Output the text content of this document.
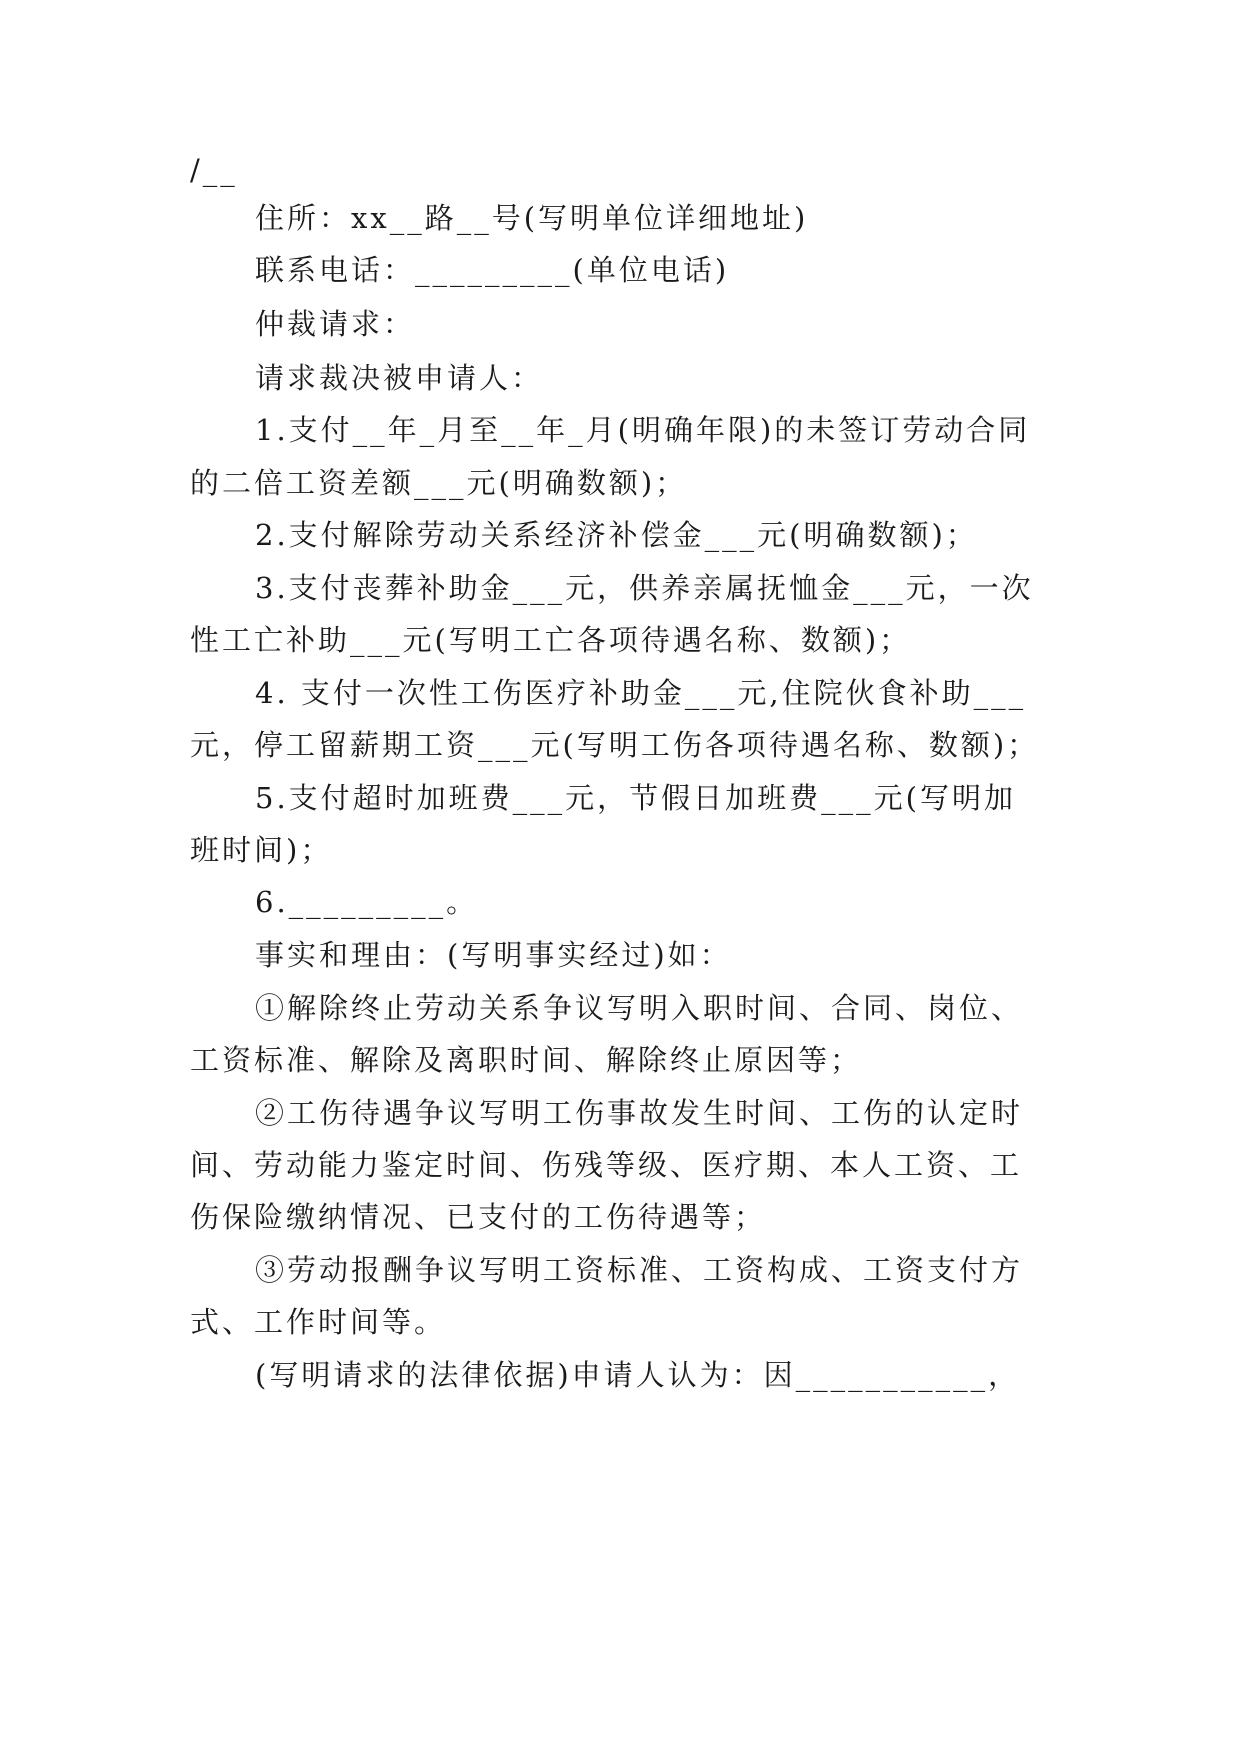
/__
住所：xx__路__号(写明单位详细地址)
联系电话：_________(单位电话)
仲裁请求：
请求裁决被申请人：
1.支付__年_月至__年_月(明确年限)的未签订劳动合同
的二倍工资差额___元(明确数额)；
2.支付解除劳动关系经济补偿金___元(明确数额)；
3.支付丧葬补助金___元，供养亲属抚恤金___元，一次
性工亡补助___元(写明工亡各项待遇名称、数额)；
4. 支付一次性工伤医疗补助金___元,住院伙食补助___
元，停工留薪期工资___元(写明工伤各项待遇名称、数额)；
5.支付超时加班费___元，节假日加班费___元(写明加
班时间)；
6._________。
事实和理由：(写明事实经过)如：
①解除终止劳动关系争议写明入职时间、合同、岗位、
工资标准、解除及离职时间、解除终止原因等；
②工伤待遇争议写明工伤事故发生时间、工伤的认定时
间、劳动能力鉴定时间、伤残等级、医疗期、本人工资、工
伤保险缴纳情况、已支付的工伤待遇等；
③劳动报酬争议写明工资标准、工资构成、工资支付方
式、工作时间等。
(写明请求的法律依据)申请人认为：因___________，
